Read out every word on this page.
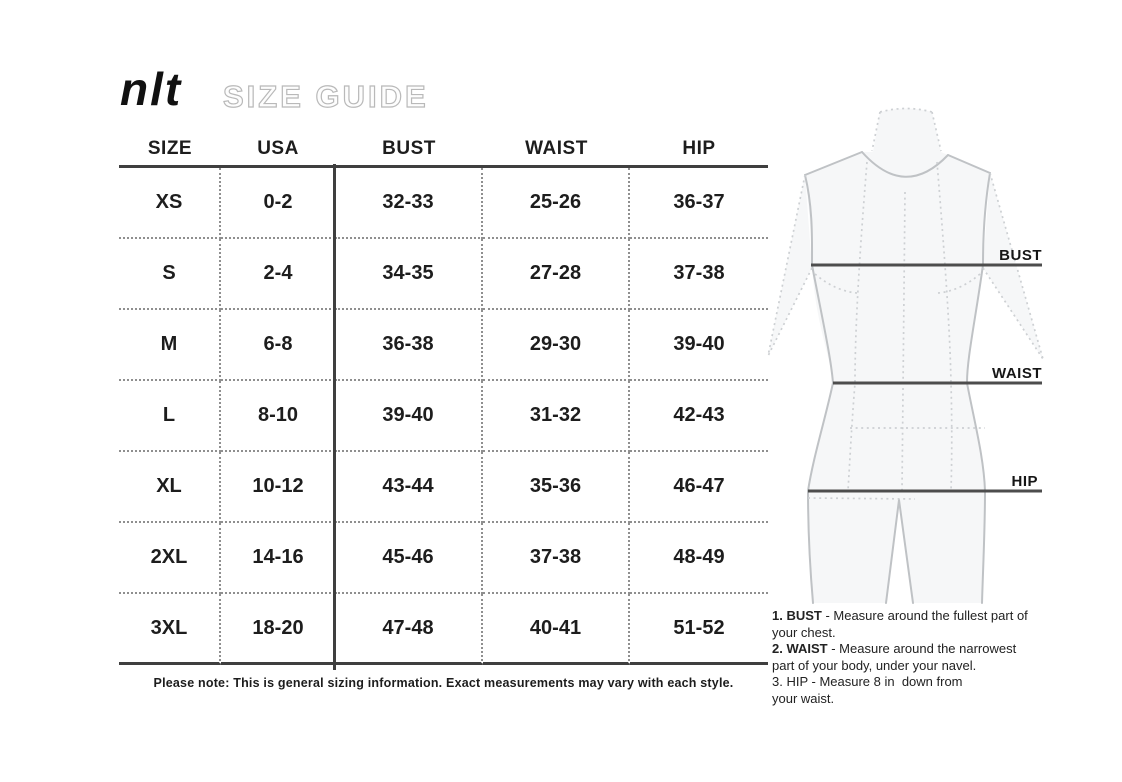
nlt SIZE GUIDE
SIZE	USA	BUST	WAIST	HIP
XS	0-2	32-33	25-26	36-37
S	2-4	34-35	27-28	37-38
M	6-8	36-38	29-30	39-40
L	8-10	39-40	31-32	42-43
XL	10-12	43-44	35-36	46-47
2XL	14-16	45-46	37-38	48-49
3XL	18-20	47-48	40-41	51-52
Please note: This is general sizing information. Exact measurements may vary with each style.
BUST
WAIST
HIP
1. BUST - Measure around the fullest part of
your chest.
2. WAIST - Measure around the narrowest
part of your body, under your navel.
3. HIP - Measure 8 in  down from
your waist.
